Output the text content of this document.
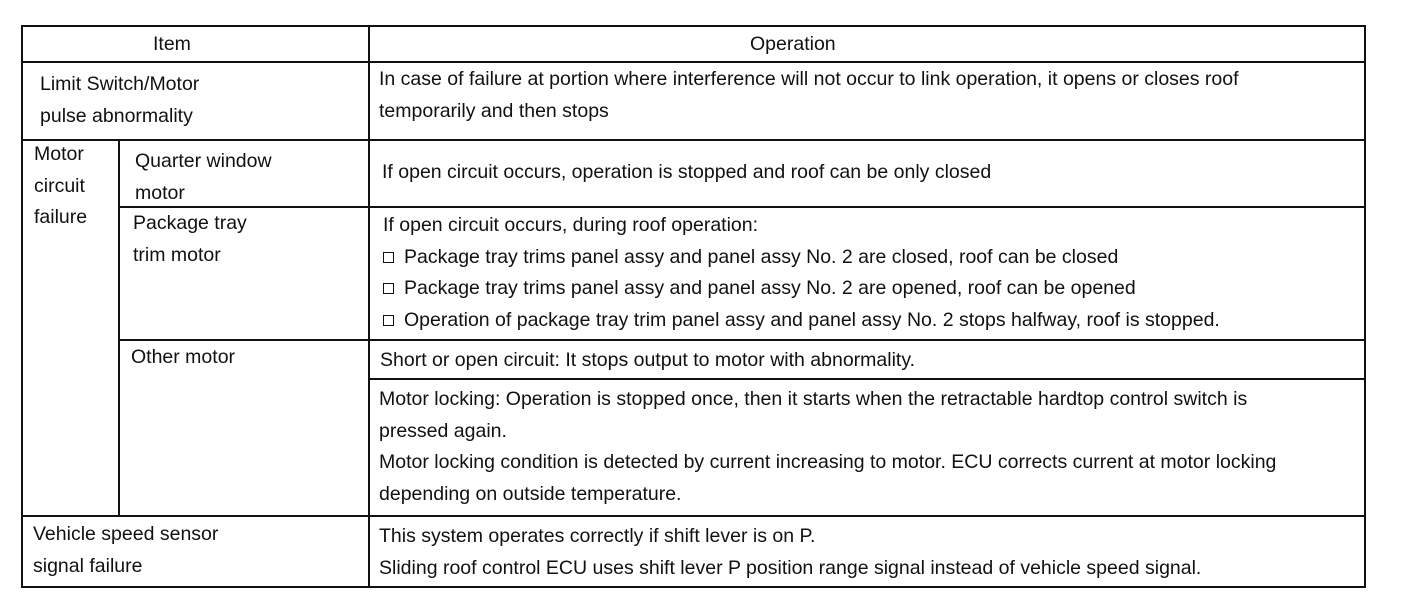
Item	Operation
Limit Switch/Motor
pulse abnormality
In case of failure at portion where interference will not occur to link operation, it opens or closes roof
temporarily and then stops
Motor
circuit
failure
Quarter window
motor
If open circuit occurs, operation is stopped and roof can be only closed
Package tray
trim motor
If open circuit occurs, during roof operation:
Package tray trims panel assy and panel assy No. 2 are closed, roof can be closed
Package tray trims panel assy and panel assy No. 2 are opened, roof can be opened
Operation of package tray trim panel assy and panel assy No. 2 stops halfway, roof is stopped.
Other motor	Short or open circuit: It stops output to motor with abnormality.
Motor locking: Operation is stopped once, then it starts when the retractable hardtop control switch is
pressed again.
Motor locking condition is detected by current increasing to motor. ECU corrects current at motor locking
depending on outside temperature.
Vehicle speed sensor
signal failure
This system operates correctly if shift lever is on P.
Sliding roof control ECU uses shift lever P position range signal instead of vehicle speed signal.
